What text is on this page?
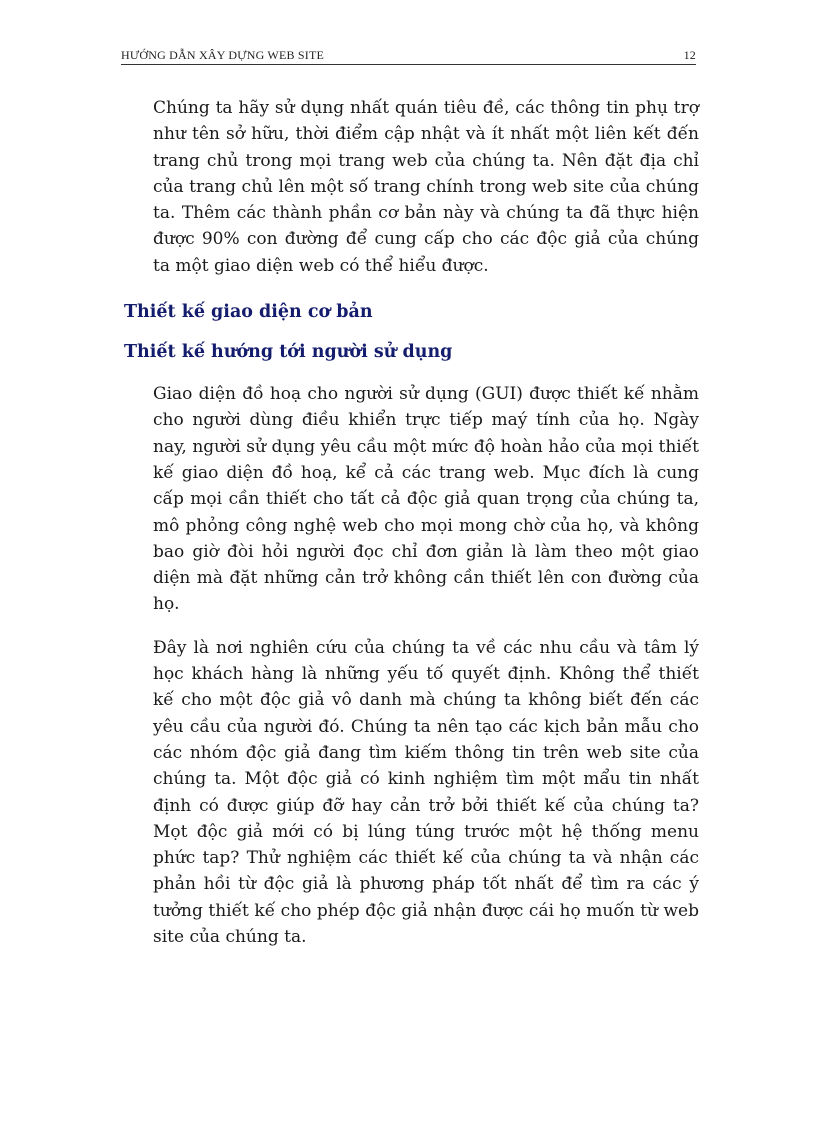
HƯỚNG DẪN XÂY DỰNG WEB SITE	12

Chúng ta hãy sử dụng nhất quán tiêu đề, các thông tin phụ trợ như tên sở hữu, thời điểm cập nhật và ít nhất một liên kết đến trang chủ trong mọi trang web của chúng ta. Nên đặt địa chỉ của trang chủ lên một số trang chính trong web site của chúng ta. Thêm các thành phần cơ bản này và chúng ta đã thực hiện được 90% con đường để cung cấp cho các độc giả của chúng ta một giao diện web có thể hiểu được.

Thiết kế giao diện cơ bản
Thiết kế hướng tới người sử dụng

Giao diện đồ hoạ cho người sử dụng (GUI) được thiết kế nhằm cho người dùng điều khiển trực tiếp maý tính của họ. Ngày nay, người sử dụng yêu cầu một mức độ hoàn hảo của mọi thiết kế giao diện đồ hoạ, kể cả các trang web. Mục đích là cung cấp mọi cần thiết cho tất cả độc giả quan trọng của chúng ta, mô phỏng công nghệ web cho mọi mong chờ của họ, và không bao giờ đòi hỏi người đọc chỉ đơn giản là làm theo một giao diện mà đặt những cản trở không cần thiết lên con đường của họ.

Đây là nơi nghiên cứu của chúng ta về các nhu cầu và tâm lý học khách hàng là những yếu tố quyết định. Không thể thiết kế cho một độc giả vô danh mà chúng ta không biết đến các yêu cầu của người đó. Chúng ta nên tạo các kịch bản mẫu cho các nhóm độc giả đang tìm kiếm thông tin trên web site của chúng ta. Một độc giả có kinh nghiệm tìm một mẩu tin nhất định có được giúp đỡ hay cản trở bởi thiết kế của chúng ta? Mọt độc giả mới có bị lúng túng trước một hệ thống menu phức tap? Thử nghiệm các thiết kế của chúng ta và nhận các phản hồi từ độc giả là phương pháp tốt nhất để tìm ra các ý tưởng thiết kế cho phép độc giả nhận được cái họ muốn từ web site của chúng ta.
